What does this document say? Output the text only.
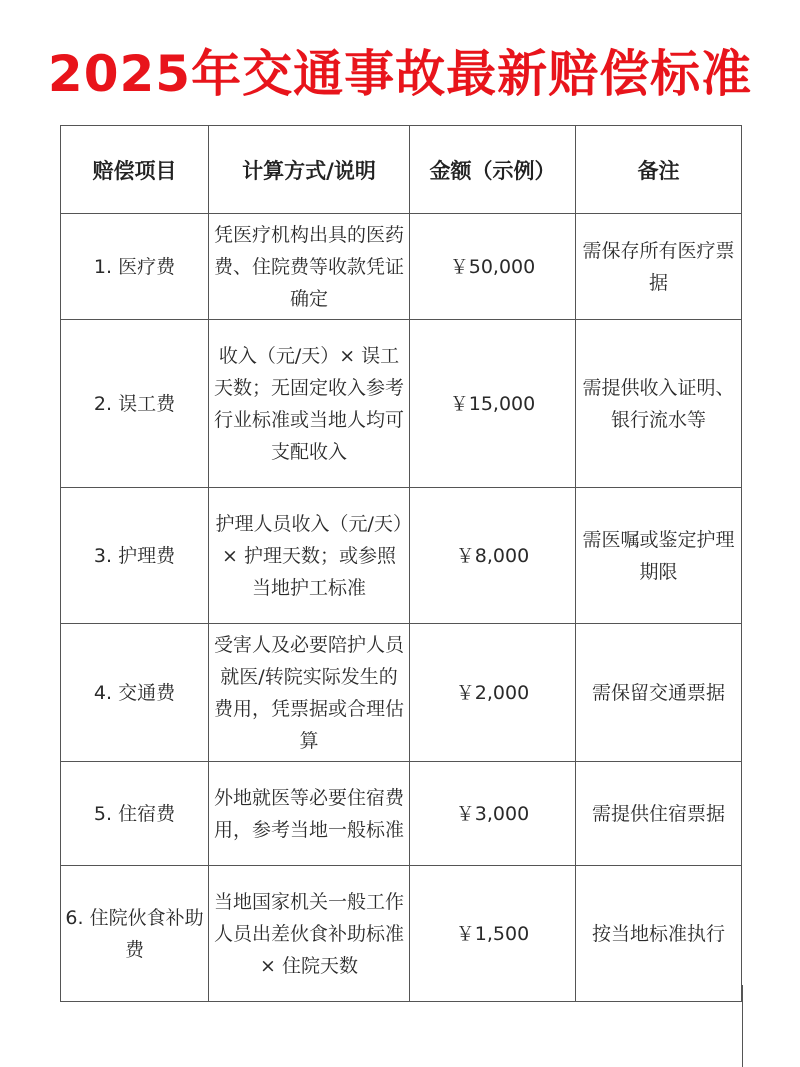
2025年交通事故最新赔偿标准
赔偿项目	计算方式/说明	金额（示例）	备注
1. 医疗费	凭医疗机构出具的医药费、住院费等收款凭证确定	￥50,000	需保存所有医疗票据
2. 误工费	收入（元/天）× 误工天数；无固定收入参考行业标准或当地人均可支配收入	￥15,000	需提供收入证明、银行流水等
3. 护理费	护理人员收入（元/天）× 护理天数；或参照当地护工标准	￥8,000	需医嘱或鉴定护理期限
4. 交通费	受害人及必要陪护人员就医/转院实际发生的费用，凭票据或合理估算	￥2,000	需保留交通票据
5. 住宿费	外地就医等必要住宿费用，参考当地一般标准	￥3,000	需提供住宿票据
6. 住院伙食补助费	当地国家机关一般工作人员出差伙食补助标准 × 住院天数	￥1,500	按当地标准执行
